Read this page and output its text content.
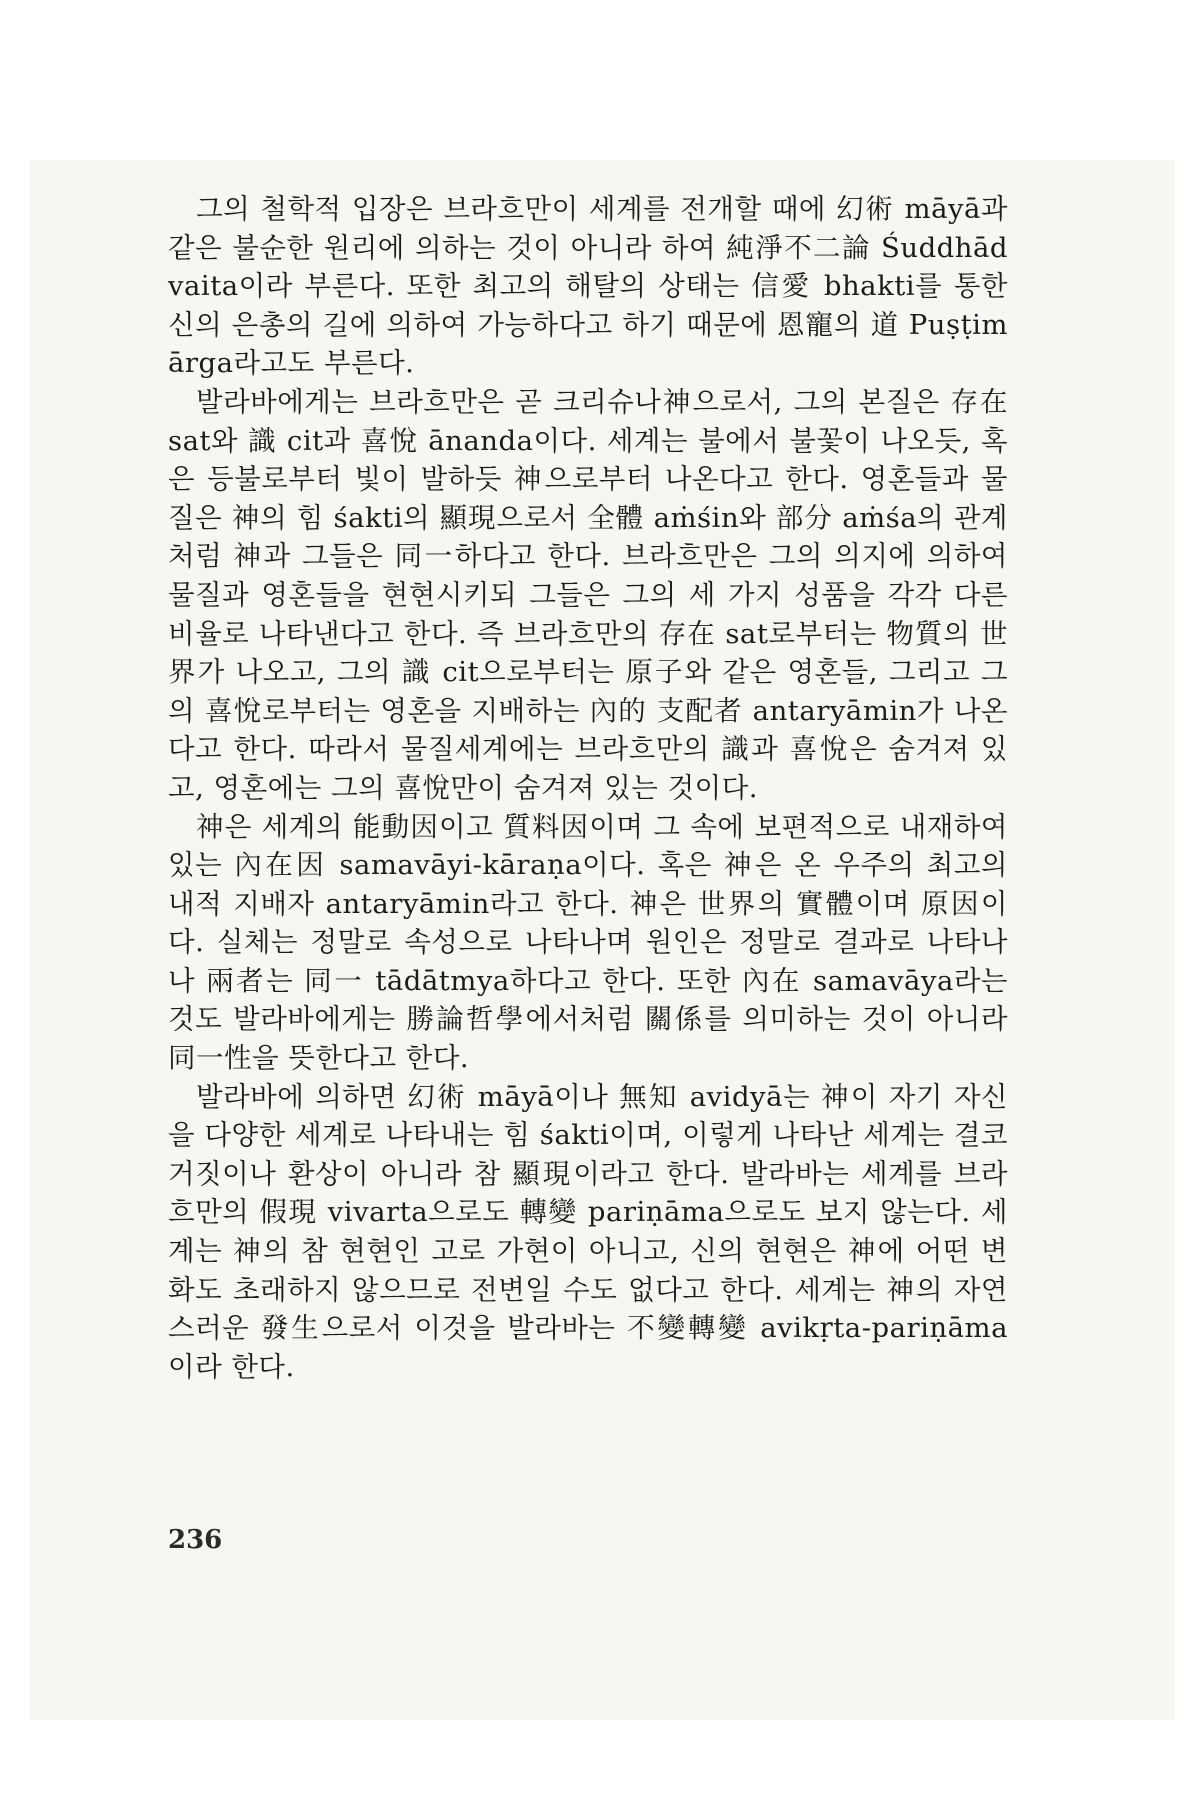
그의 철학적 입장은 브라흐만이 세계를 전개할 때에 幻術 māyā과 같은 불순한 원리에 의하는 것이 아니라 하여 純淨不二論 Śuddhādvaita이라 부른다. 또한 최고의 해탈의 상태는 信愛 bhakti를 통한 신의 은총의 길에 의하여 가능하다고 하기 때문에 恩寵의 道 Puṣṭimārga라고도 부른다.

발라바에게는 브라흐만은 곧 크리슈나神으로서, 그의 본질은 存在 sat와 識 cit과 喜悅 ānanda이다. 세계는 불에서 불꽃이 나오듯, 혹은 등불로부터 빛이 발하듯 神으로부터 나온다고 한다. 영혼들과 물질은 神의 힘 śakti의 顯現으로서 全體 aṁśin와 部分 aṁśa의 관계처럼 神과 그들은 同一하다고 한다. 브라흐만은 그의 의지에 의하여 물질과 영혼들을 현현시키되 그들은 그의 세 가지 성품을 각각 다른 비율로 나타낸다고 한다. 즉 브라흐만의 存在 sat로부터는 物質의 世界가 나오고, 그의 識 cit으로부터는 原子와 같은 영혼들, 그리고 그의 喜悅로부터는 영혼을 지배하는 內的 支配者 antaryāmin가 나온다고 한다. 따라서 물질세계에는 브라흐만의 識과 喜悅은 숨겨져 있고, 영혼에는 그의 喜悅만이 숨겨져 있는 것이다.

神은 세계의 能動因이고 質料因이며 그 속에 보편적으로 내재하여 있는 內在因 samavāyi-kāraṇa이다. 혹은 神은 온 우주의 최고의 내적 지배자 antaryāmin라고 한다. 神은 世界의 實體이며 原因이다. 실체는 정말로 속성으로 나타나며 원인은 정말로 결과로 나타나나 兩者는 同一 tādātmya하다고 한다. 또한 內在 samavāya라는 것도 발라바에게는 勝論哲學에서처럼 關係를 의미하는 것이 아니라 同一性을 뜻한다고 한다.

발라바에 의하면 幻術 māyā이나 無知 avidyā는 神이 자기 자신을 다양한 세계로 나타내는 힘 śakti이며, 이렇게 나타난 세계는 결코 거짓이나 환상이 아니라 참 顯現이라고 한다. 발라바는 세계를 브라흐만의 假現 vivarta으로도 轉變 pariṇāma으로도 보지 않는다. 세계는 神의 참 현현인 고로 가현이 아니고, 신의 현현은 神에 어떤 변화도 초래하지 않으므로 전변일 수도 없다고 한다. 세계는 神의 자연스러운 發生으로서 이것을 발라바는 不變轉變 avikṛta-pariṇāma이라 한다.

236
